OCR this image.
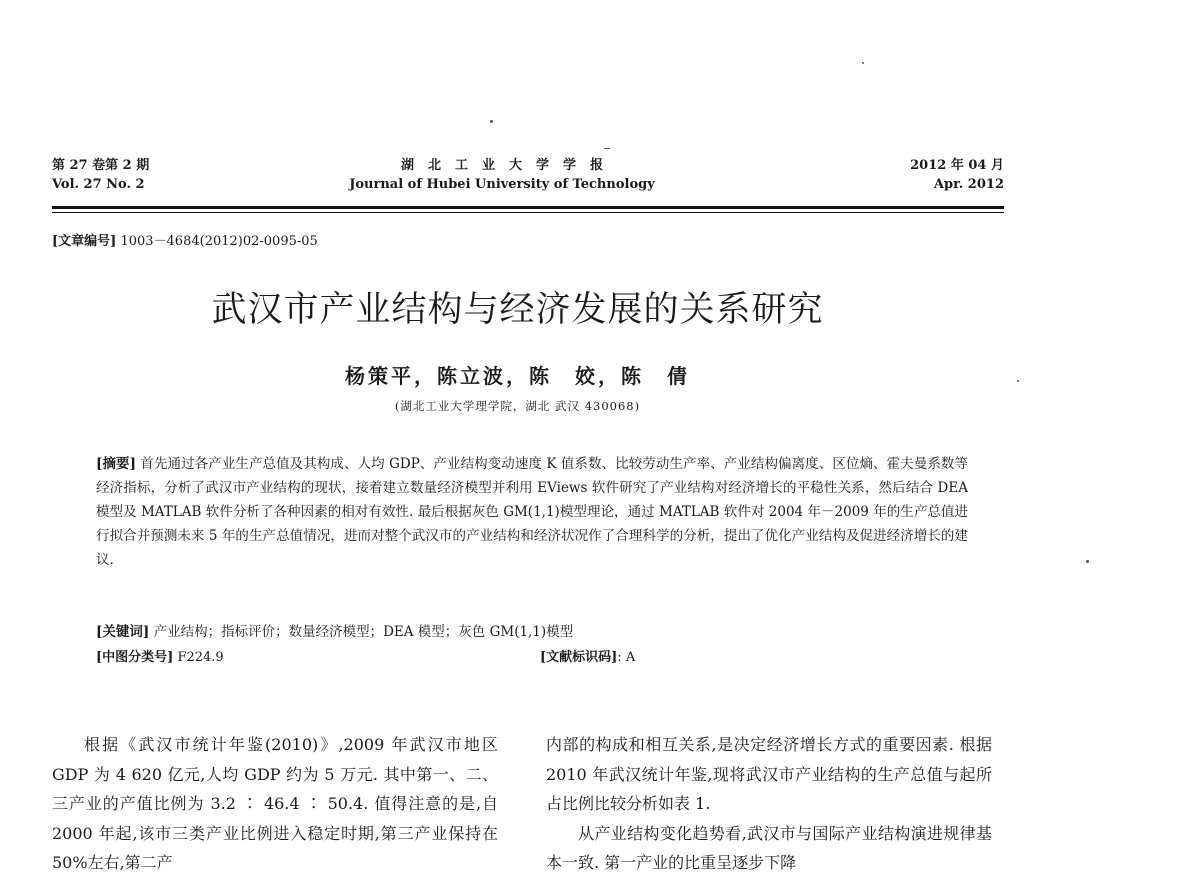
第 27 卷第 2 期
Vol. 27 No. 2
湖北工业大学学报
Journal of Hubei University of Technology
2012 年 04 月
Apr. 2012
[文章编号] 1003－4684(2012)02-0095-05
武汉市产业结构与经济发展的关系研究
杨策平，陈立波，陈　姣，陈　倩
(湖北工业大学理学院，湖北 武汉 430068)
[摘要] 首先通过各产业生产总值及其构成、人均 GDP、产业结构变动速度 K 值系数、比较劳动生产率、产业结构偏离度、区位熵、霍夫曼系数等经济指标，分析了武汉市产业结构的现状，接着建立数量经济模型并利用 EViews 软件研究了产业结构对经济增长的平稳性关系，然后结合 DEA 模型及 MATLAB 软件分析了各种因素的相对有效性. 最后根据灰色 GM(1,1)模型理论，通过 MATLAB 软件对 2004 年－2009 年的生产总值进行拟合并预测未来 5 年的生产总值情况，进而对整个武汉市的产业结构和经济状况作了合理科学的分析，提出了优化产业结构及促进经济增长的建议.
[关键词] 产业结构；指标评价；数量经济模型；DEA 模型；灰色 GM(1,1)模型
[中图分类号] F224.9	[文献标识码]: A

根据《武汉市统计年鉴(2010)》,2009 年武汉市地区 GDP 为 4 620 亿元,人均 GDP 约为 5 万元. 其中第一、二、三产业的产值比例为 3.2 ∶ 46.4 ∶ 50.4. 值得注意的是,自 2000 年起,该市三类产业比例进入稳定时期,第三产业保持在 50%左右,第二产

内部的构成和相互关系,是决定经济增长方式的重要因素. 根据 2010 年武汉统计年鉴,现将武汉市产业结构的生产总值与起所占比例比较分析如表 1.

从产业结构变化趋势看,武汉市与国际产业结构演进规律基本一致. 第一产业的比重呈逐步下降
